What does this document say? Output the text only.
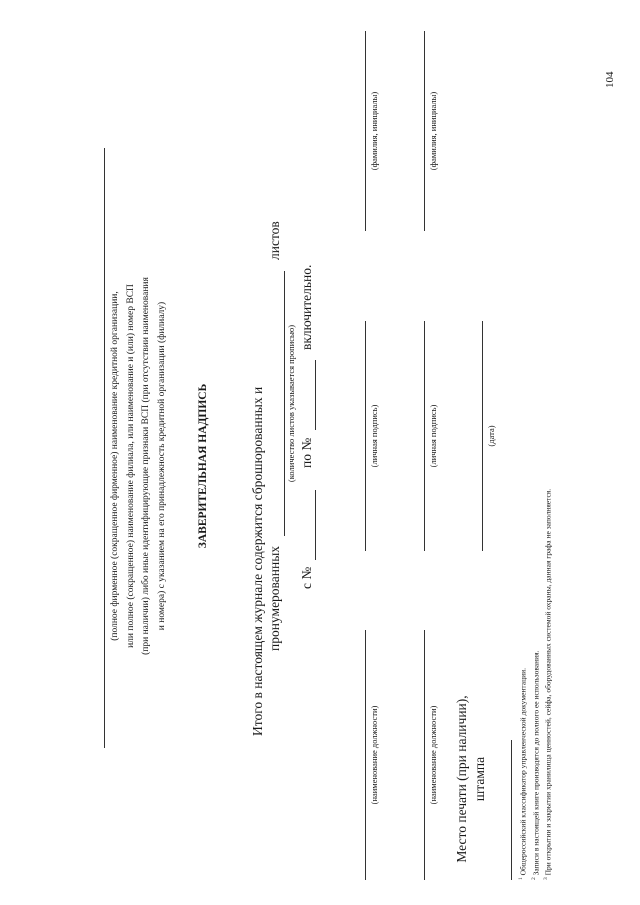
104
(полное фирменное (сокращенное фирменное) наименование кредитной организации, или полное (сокращенное) наименование филиала, или наименование и (или) номер ВСП (при наличии) либо иные идентифицирующие признаки ВСП (при отсутствии наименования и номера) с указанием на его принадлежность кредитной организации (филиалу)	ЗАВЕРИТЕЛЬНАЯ НАДПИСЬ	Итого в настоящем журнале содержится сброшюрованных и пронумерованных
листов
(количество листов указывается прописью)
с №
по №
включительно.
(наименование должности)
(личная подпись)
(фамилия, инициалы)
(наименование должности)
(личная подпись)
(фамилия, инициалы)
Место печати (при наличии), штампа
(дата)
$^1$ Общероссийский классификатор управленческой документации.
$^2$ Записи в настоящей книге производятся до полного ее использования.
$^3$ При открытии и закрытии хранилища ценностей, сейфа, оборудованных системой охраны, данная графа не заполняется.
